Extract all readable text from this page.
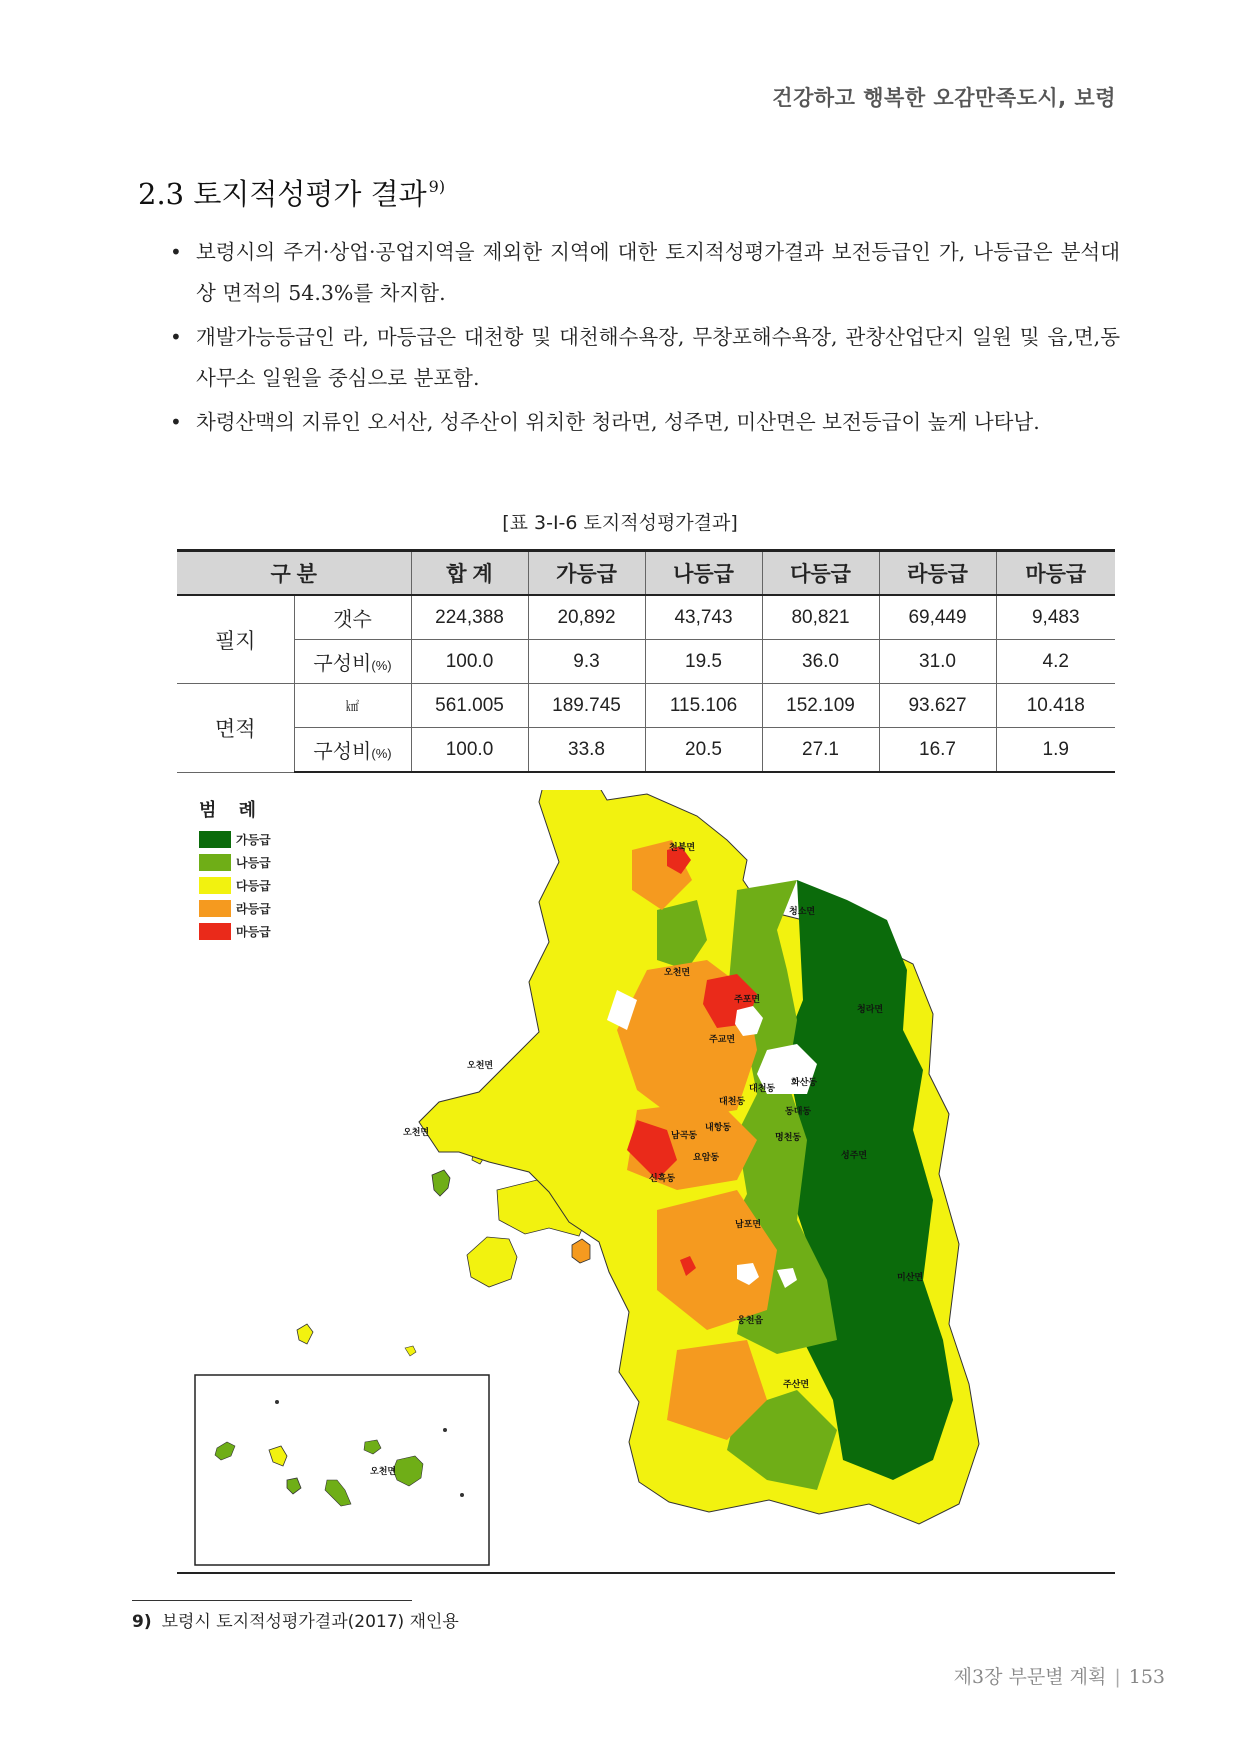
건강하고 행복한 오감만족도시, 보령
2.3 토지적성평가 결과 $^{9)}$
• 보령시의 주거·상업·공업지역을 제외한 지역에 대한 토지적성평가결과 보전등급인 가, 나등급은 분석대상 면적의 54.3%를 차지함.
• 개발가능등급인 라, 마등급은 대천항 및 대천해수욕장, 무창포해수욕장, 관창산업단지 일원 및 읍,면,동사무소 일원을 중심으로 분포함.
• 차령산맥의 지류인 오서산, 성주산이 위치한 청라면, 성주면, 미산면은 보전등급이 높게 나타남.
[표 3-Ⅰ-6 토지적성평가결과]
구 분		합 계	가등급	나등급	다등급	라등급	마등급
필지	갯수	224,388	20,892	43,743	80,821	69,449	9,483
	구성비(%)	100.0	9.3	19.5	36.0	31.0	4.2
면적	㎢	561.005	189.745	115.106	152.109	93.627	10.418
	구성비(%)	100.0	33.8	20.5	27.1	16.7	1.9
천북면
청소면
오천면
주포면
청라면
주교면
오천면
오천면
화산동
대천동
대천동
동대동
내항동
명천동
남곡동
요암동
신흑동
성주면
남포면
웅천읍
미산면
주산면
오천면
범 례
가등급
나등급
다등급
라등급
마등급
9) 보령시 토지적성평가결과(2017) 재인용
제3장 부문별 계획 | 153
